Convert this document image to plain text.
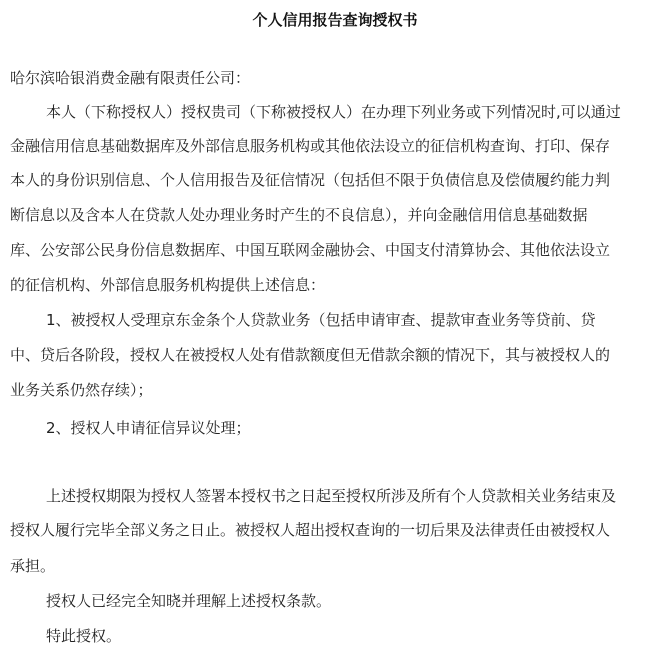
个人信用报告查询授权书
哈尔滨哈银消费金融有限责任公司：
本人（下称授权人）授权贵司（下称被授权人）在办理下列业务或下列情况时,可以通过
金融信用信息基础数据库及外部信息服务机构或其他依法设立的征信机构查询、打印、保存
本人的身份识别信息、个人信用报告及征信情况（包括但不限于负债信息及偿债履约能力判
断信息以及含本人在贷款人处办理业务时产生的不良信息），并向金融信用信息基础数据
库、公安部公民身份信息数据库、中国互联网金融协会、中国支付清算协会、其他依法设立
的征信机构、外部信息服务机构提供上述信息：
1、被授权人受理京东金条个人贷款业务（包括申请审查、提款审查业务等贷前、贷
中、贷后各阶段，授权人在被授权人处有借款额度但无借款余额的情况下，其与被授权人的
业务关系仍然存续）；
2、授权人申请征信异议处理；
上述授权期限为授权人签署本授权书之日起至授权所涉及所有个人贷款相关业务结束及
授权人履行完毕全部义务之日止。被授权人超出授权查询的一切后果及法律责任由被授权人
承担。
授权人已经完全知晓并理解上述授权条款。
特此授权。
